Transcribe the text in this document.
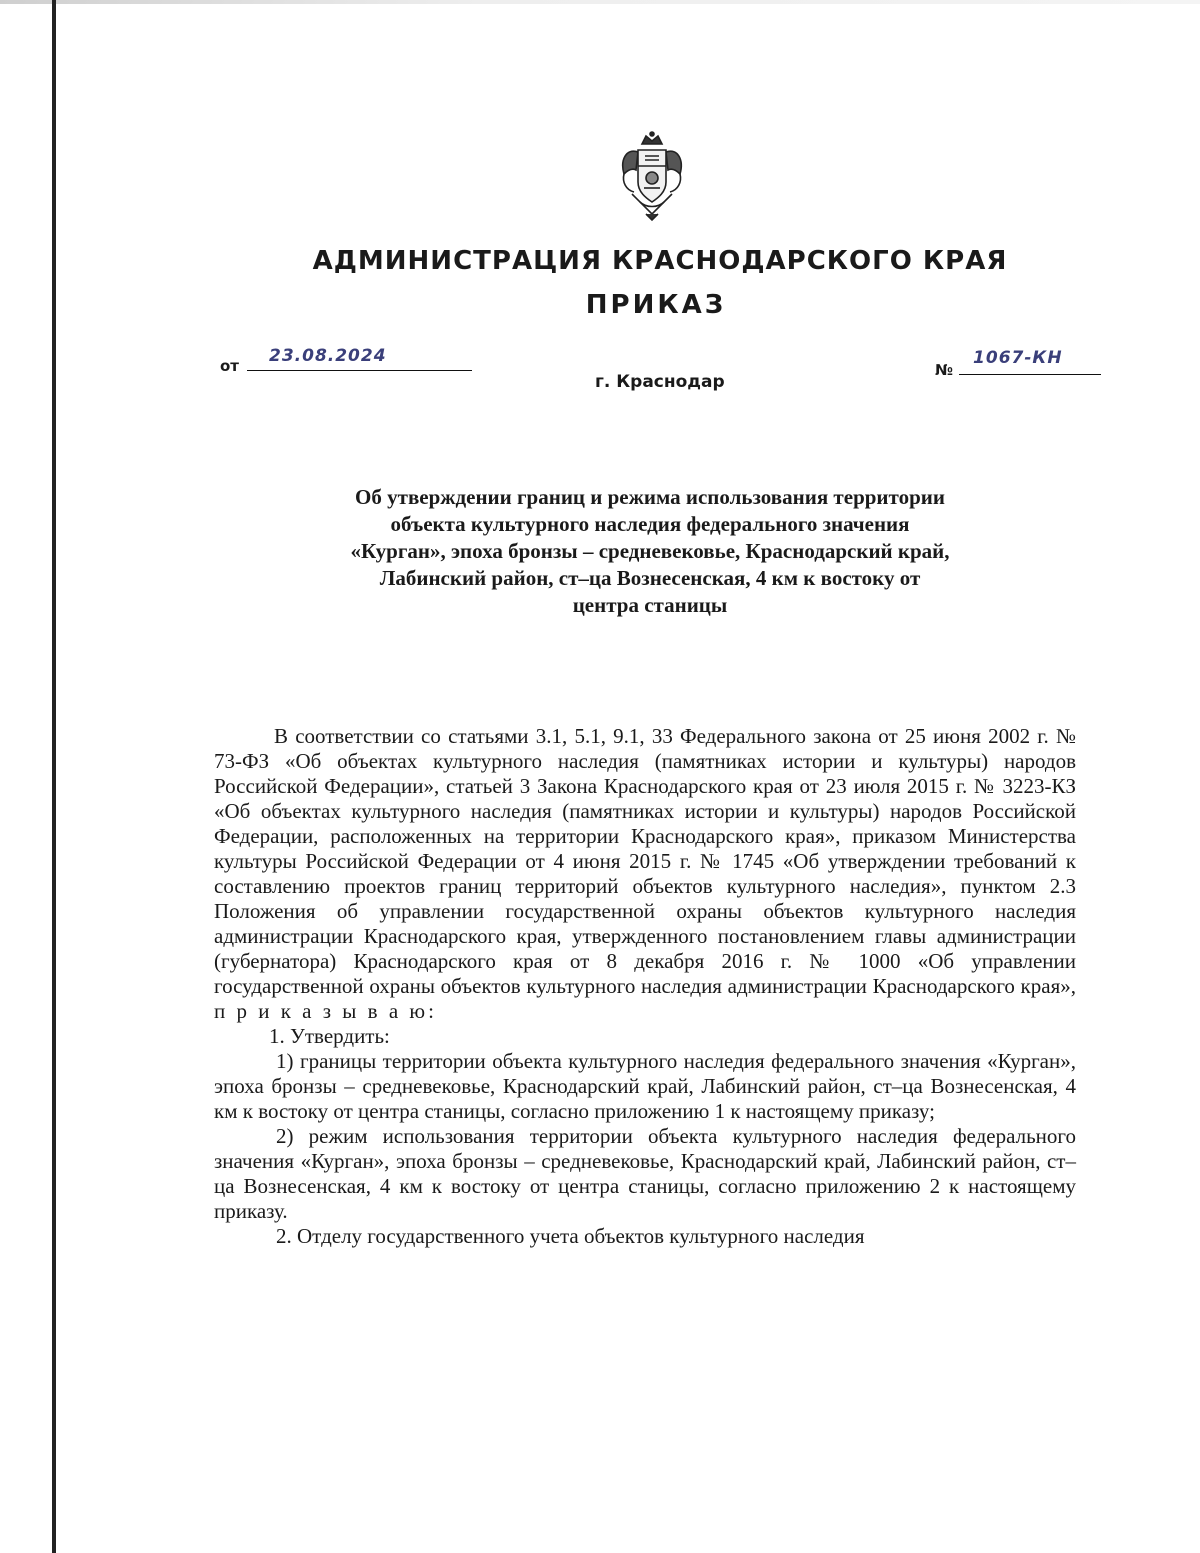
АДМИНИСТРАЦИЯ КРАСНОДАРСКОГО КРАЯ
ПРИКАЗ
от 23.08.2024
№
1067-КН
г. Краснодар
Об утверждении границ и режима использования территории
объекта культурного наследия федерального значения
«Курган», эпоха бронзы – средневековье, Краснодарский край,
Лабинский район, ст–ца Вознесенская, 4 км к востоку от
центра станицы

В соответствии со статьями 3.1, 5.1, 9.1, 33 Федерального закона от 25 июня 2002 г. № 73-ФЗ «Об объектах культурного наследия (памятниках истории и культуры) народов Российской Федерации», статьей 3 Закона Краснодарского края от 23 июля 2015 г. № 3223-КЗ «Об объектах культурного наследия (памятниках истории и культуры) народов Российской Федерации, расположенных на территории Краснодарского края», приказом Министерства культуры Российской Федерации от 4 июня 2015 г. № 1745 «Об утверждении требований к составлению проектов границ территорий объектов культурного наследия», пунктом 2.3 Положения об управлении государственной охраны объектов культурного наследия администрации Краснодарского края, утвержденного постановлением главы администрации (губернатора) Краснодарского края от 8 декабря 2016 г. № 1000 «Об управлении государственной охраны объектов культурного наследия администрации Краснодарского края», п р и к а з ы в а ю:

1. Утвердить:

1) границы территории объекта культурного наследия федерального значения «Курган», эпоха бронзы – средневековье, Краснодарский край, Лабинский район, ст–ца Вознесенская, 4 км к востоку от центра станицы, согласно приложению 1 к настоящему приказу;

2) режим использования территории объекта культурного наследия федерального значения «Курган», эпоха бронзы – средневековье, Краснодарский край, Лабинский район, ст–ца Вознесенская, 4 км к востоку от центра станицы, согласно приложению 2 к настоящему приказу.

2. Отделу государственного учета объектов культурного наследия
